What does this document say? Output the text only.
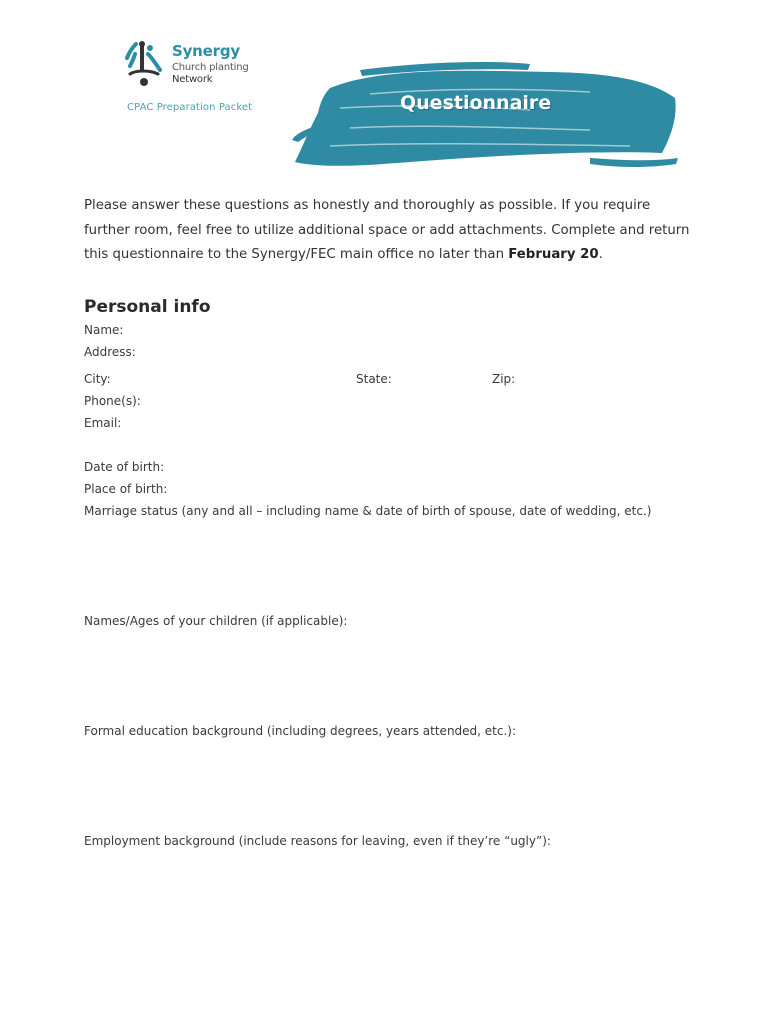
Synergy
Church planting
Network
CPAC Preparation Packet	Questionnaire
Please answer these questions as honestly and thoroughly as possible. If you require further room, feel free to utilize additional space or add attachments. Complete and return this questionnaire to the Synergy/FEC main office no later than February 20.
Personal info
Name:
Address:
City:	State:	Zip:
Phone(s):
Email:
Date of birth:
Place of birth:
Marriage status (any and all – including name & date of birth of spouse, date of wedding, etc.)
Names/Ages of your children (if applicable):
Formal education background (including degrees, years attended, etc.):
Employment background (include reasons for leaving, even if they’re “ugly”):
